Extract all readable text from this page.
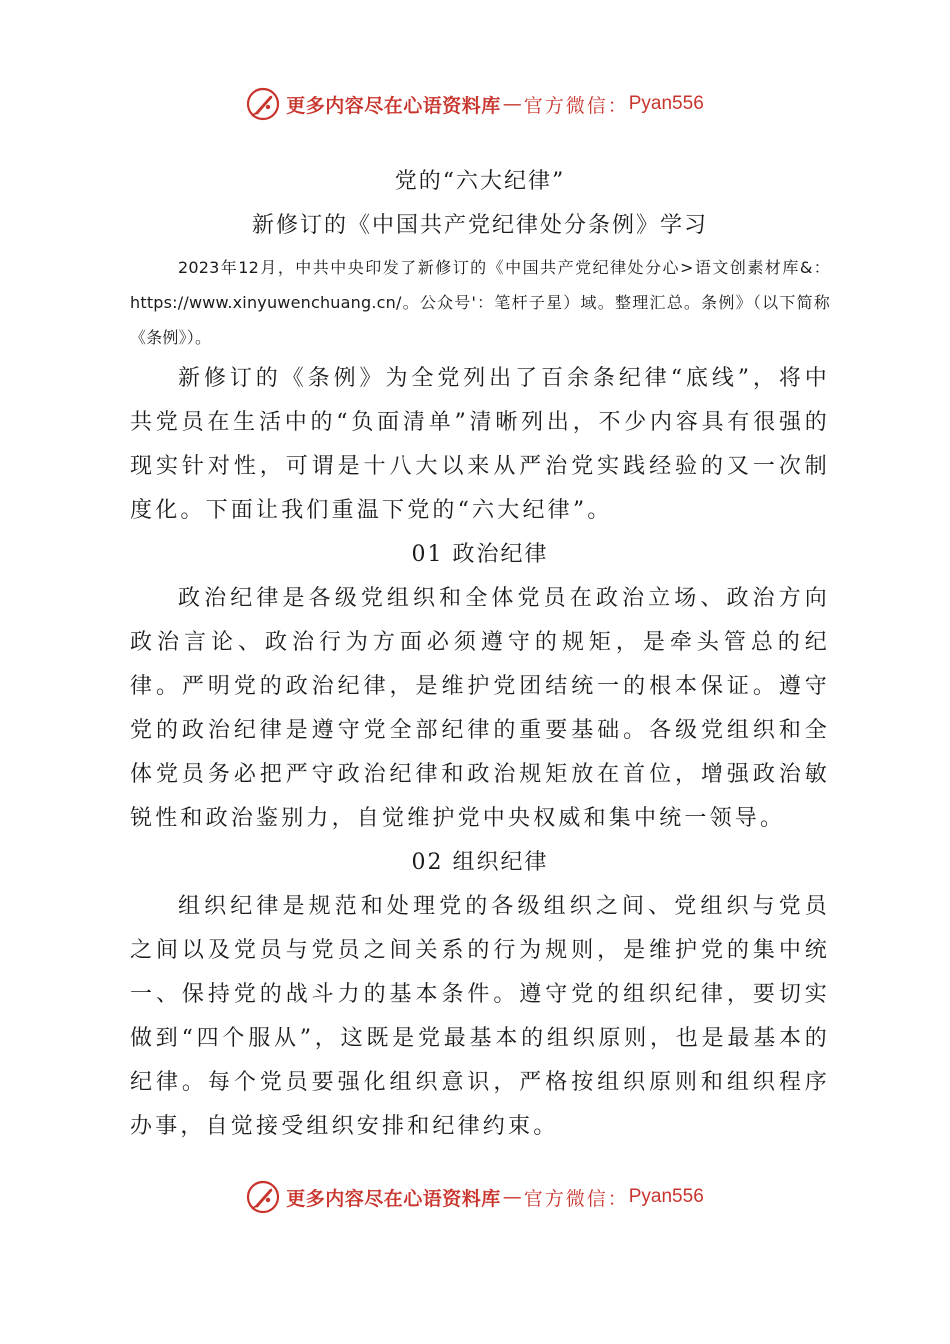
更多内容尽在心语资料库 — 官方微信： Pyan556
党的“六大纪律”
新修订的《中国共产党纪律处分条例》学习

2023年12月，中共中央印发了新修订的《中国共产党纪律处分心>语文创素材库&：https://www.xinyuwenchuang.cn/。公众号'：笔杆子星）域。整理汇总。条例》（以下简称《条例》）。

新修订的《条例》为全党列出了百余条纪律“底线”，将中共党员在生活中的“负面清单”清晰列出，不少内容具有很强的现实针对性，可谓是十八大以来从严治党实践经验的又一次制度化。下面让我们重温下党的“六大纪律”。

01 政治纪律

政治纪律是各级党组织和全体党员在政治立场、政治方向政治言论、政治行为方面必须遵守的规矩，是牵头管总的纪律。严明党的政治纪律，是维护党团结统一的根本保证。遵守党的政治纪律是遵守党全部纪律的重要基础。各级党组织和全体党员务必把严守政治纪律和政治规矩放在首位，增强政治敏锐性和政治鉴别力，自觉维护党中央权威和集中统一领导。

02 组织纪律

组织纪律是规范和处理党的各级组织之间、党组织与党员之间以及党员与党员之间关系的行为规则，是维护党的集中统一、保持党的战斗力的基本条件。遵守党的组织纪律，要切实做到“四个服从”，这既是党最基本的组织原则，也是最基本的纪律。每个党员要强化组织意识，严格按组织原则和组织程序办事，自觉接受组织安排和纪律约束。

更多内容尽在心语资料库 — 官方微信： Pyan556
